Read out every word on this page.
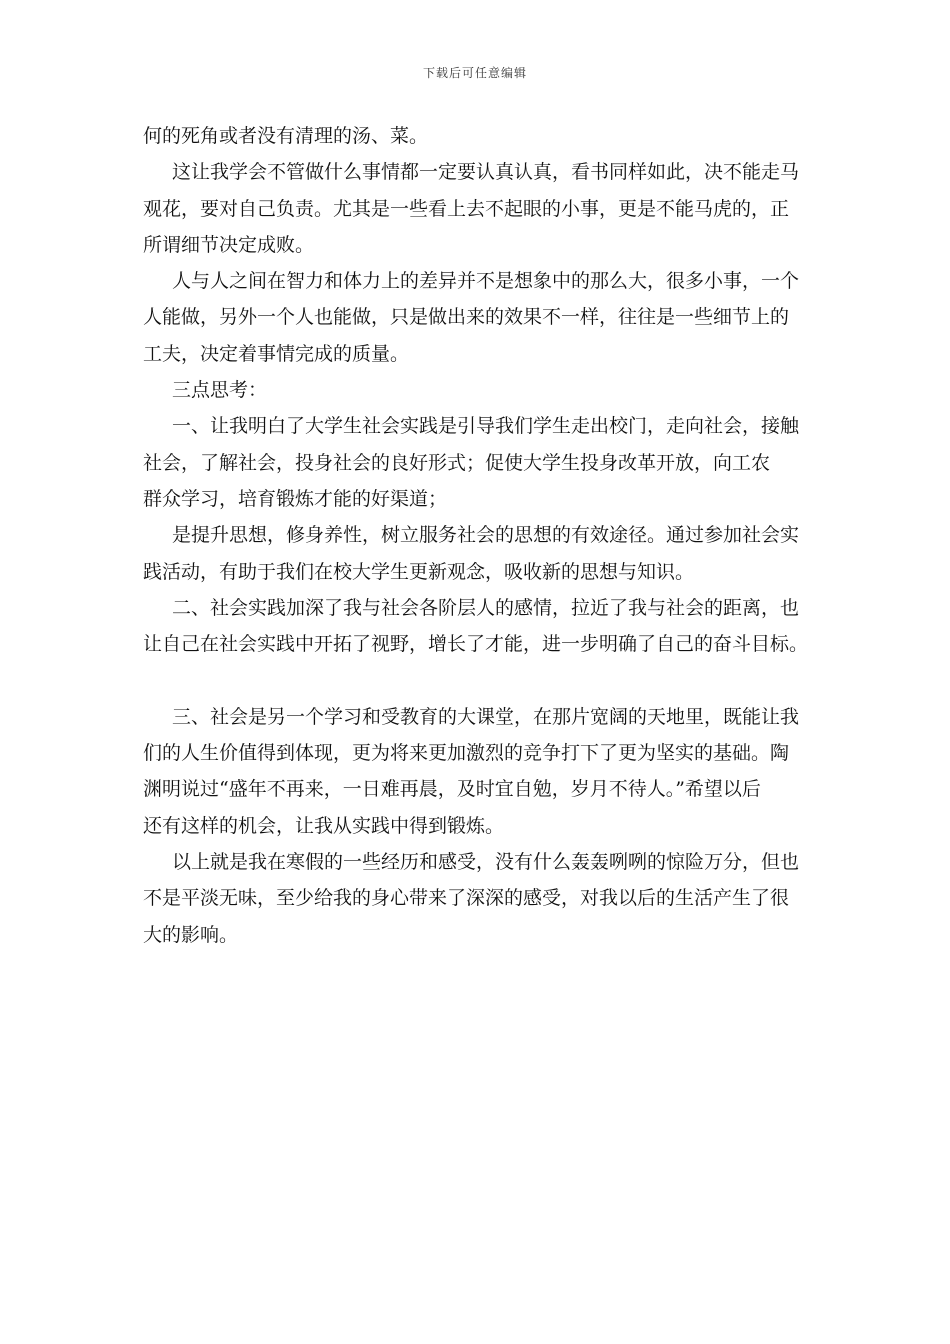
下载后可任意编辑
何的死角或者没有清理的汤、菜。
这让我学会不管做什么事情都一定要认真认真，看书同样如此，决不能走马
观花，要对自己负责。尤其是一些看上去不起眼的小事，更是不能马虎的，正
所谓细节决定成败。
人与人之间在智力和体力上的差异并不是想象中的那么大，很多小事，一个
人能做，另外一个人也能做，只是做出来的效果不一样，往往是一些细节上的
工夫，决定着事情完成的质量。
三点思考：
一、让我明白了大学生社会实践是引导我们学生走出校门，走向社会，接触
社会，了解社会，投身社会的良好形式；促使大学生投身改革开放，向工农
群众学习，培育锻炼才能的好渠道；
是提升思想，修身养性，树立服务社会的思想的有效途径。通过参加社会实
践活动，有助于我们在校大学生更新观念，吸收新的思想与知识。
二、社会实践加深了我与社会各阶层人的感情，拉近了我与社会的距离，也
让自己在社会实践中开拓了视野，增长了才能，进一步明确了自己的奋斗目标。
三、社会是另一个学习和受教育的大课堂，在那片宽阔的天地里，既能让我
们的人生价值得到体现，更为将来更加激烈的竞争打下了更为坚实的基础。陶
渊明说过“盛年不再来，一日难再晨，及时宜自勉，岁月不待人。”希望以后
还有这样的机会，让我从实践中得到锻炼。
以上就是我在寒假的一些经历和感受，没有什么轰轰咧咧的惊险万分，但也
不是平淡无味，至少给我的身心带来了深深的感受，对我以后的生活产生了很
大的影响。
